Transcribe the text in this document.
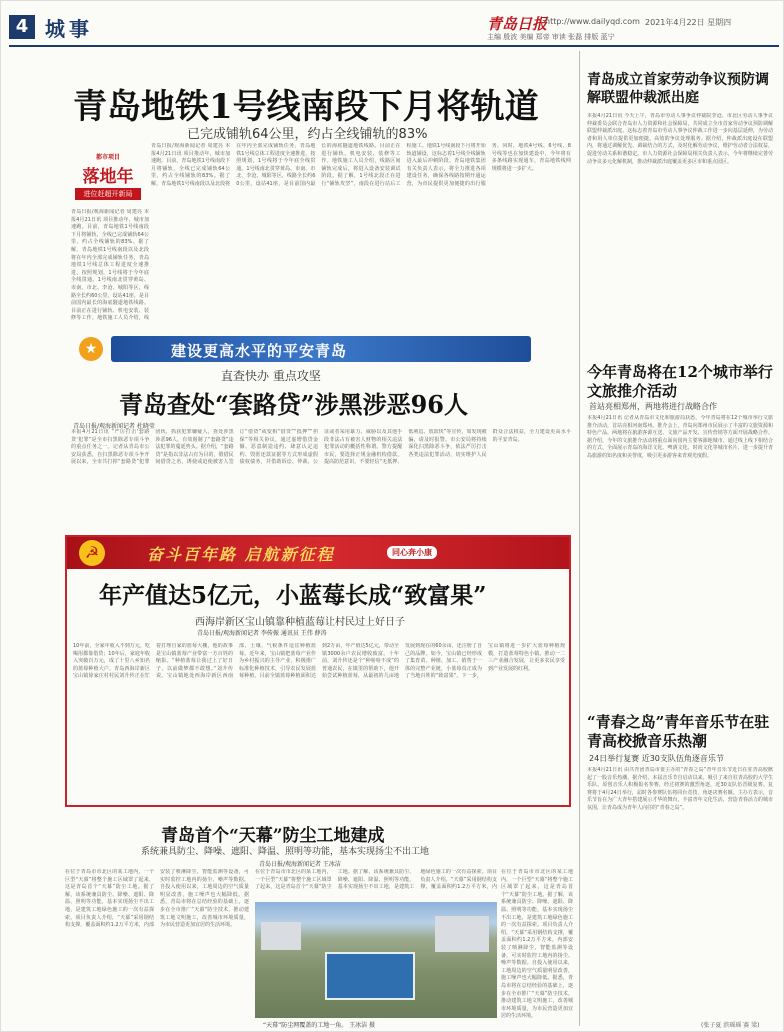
4 城事	青岛日报
http://www.dailyqd.com 2021年4月22日 星期四
主编 殷波 美编 郑帝 审读 张磊 排版 蓝宁
青岛地铁1号线南段下月将轨道
已完成铺轨64公里，约占全线铺轨的83%
都市项目
落地年
进位赶超开新局
青岛日报/观海新闻记者 周建亮 本报4月21日讯 项目推动年，城市加速跑。目前，青岛地铁1号线南段下月将铺轨，全线已完成铺轨64公里，约占全线铺轨的83%。据了解，青岛地铁1号线南段以及北段将在年内全部完成铺轨任务，青岛地铁1号线总体工程进度全速推进，按照规划，1号线将于今年底全线贯通。1号线南北贯穿黄岛、市南、市北、李沧、城阳等区，线路全长约60公里，设站41座，是目前国内最长的海底隧道地铁线路。目前正在进行铺轨、机电安装、装修等工作。地铁施工人员介绍，线
青岛日报/观海新闻记者 周建亮 本报4月21日讯 项目推动年，城市加速跑。目前，青岛地铁1号线南段下月将铺轨，全线已完成铺轨64公里，约占全线铺轨的83%。据了解，青岛地铁1号线南段以及北段将在年内全部完成铺轨任务，青岛地铁1号线总体工程进度全速推进，按照规划，1号线将于今年底全线贯通。1号线南北贯穿黄岛、市南、市北、李沧、城阳等区，线路全长约60公里，设站41座，是目前国内最长的海底隧道地铁线路。目前正在进行铺轨、机电安装、装修等工作。地铁施工人员介绍，线路区间铺轨完成后，将进入设备安装调试阶段。据了解，1号线北段正在进行“铺轨攻坚”，南段在进行站后工程施工。地铁1号线南段下月将开始轨道铺设，这标志着1号线全线铺轨进入最后冲刺阶段。青岛地铁集团有关负责人表示，将全力推进各项建设任务，确保各线路按期开通运营，为市民提供更加便捷的出行服务。同时，地铁4号线、6号线、8号线等也在加快建设中，今年将有多条线路实现通车，青岛地铁线网规模将进一步扩大。
★	建设更高水平的平安青岛
直查快办 重点攻坚
青岛查处“套路贷”涉黑涉恶96人
青岛日报/观海新闻记者 杜晓莹
本报4月21日讯 “严厉打击‘套路贷’犯罪”是全市扫黑除恶专项斗争的重点任务之一。记者从青岛市公安局获悉，自扫黑除恶专项斗争开展以来，全市共打掉“套路贷”犯罪团伙，抓获犯罪嫌疑人，查处涉黑涉恶96人，有效遏制了“套路贷”违法犯罪的蔓延势头。据介绍，“套路贷”是指以非法占有为目的，假借民间借贷之名，诱使或迫使被害人签订“借贷”或变相“借贷”“抵押”“担保”等相关协议，通过虚增借贷金额、恶意制造违约、肆意认定违约、毁匿还款证据等方式形成虚假债权债务，并借助诉讼、仲裁、公证或者采用暴力、威胁以及其他手段非法占有被害人财物的相关违法犯罪活动的概括性称谓。警方提醒市民，要选择正规金融机构借款，提高防范意识，不要轻信“无抵押、低利息、放款快”等宣传，如发现被骗，请及时报警。市公安局将持续深化扫黑除恶斗争，依法严厉打击各类违法犯罪活动，切实维护人民群众合法权益，全力建设更高水平的平安青岛。
☭	奋斗百年路 启航新征程	同心奔小康
年产值达5亿元，小蓝莓长成“致富果”
西海岸新区宝山镇靠种植蓝莓让村民过上好日子
青岛日报/观海新闻记者 李传振 通讯员 王伟 薛涛
10年前，全家年收入不到万元，吃喝用都靠借贷；10年后，家庭年收入突破百万元，成了十里八乡知名的蓝莓种植大户。青岛西海岸新区宝山镇徐家庄村村民刘升传正在忙着打理自家的蓝莓大棚，他的故事是宝山镇蓝莓产业带富一方百姓的缩影。“种植蓝莓让我过上了好日子，以前做梦都不敢想。”刘升传说。宝山镇地处西海岸新区西南部，土壤、气候条件适宜种植蓝莓。近年来，宝山镇把蓝莓产业作为乡村振兴的主导产业，积极推广标准化种植技术，引导农民发展蓝莓种植，目前全镇蓝莓种植面积达到2万亩，年产值达5亿元，带动全镇3000余户农民增收致富。十年前，刘升传还是个“种啥啥不成”的普通农民，在镇里的帮助下，他开始尝试种植蓝莓，从最初的几亩地发展到现在的60余亩，还注册了自己的品牌。如今，宝山镇已经形成了集育苗、种植、加工、销售于一体的完整产业链，小蓝莓真正成为了当地百姓的“致富果”。下一步，宝山镇将进一步扩大蓝莓种植规模，打造蓝莓特色小镇，推动一二三产业融合发展，让更多农民享受到产业发展的红利。
青岛首个“天幕”防尘工地建成
系统兼具防尘、降噪、遮阳、降温、照明等功能，基本实现扬尘不出工地
青岛日报/观海新闻记者 王冰洁
在位于青岛市市北区的某工地内，一个巨型“天幕”将整个施工区域罩了起来，这是青岛首个“天幕”防尘工地。据了解，该系统兼具防尘、降噪、遮阳、降温、照明等功能，基本实现扬尘不出工地，是建筑工地绿色施工的一次有益探索。项目负责人介绍，“天幕”采用钢结构支撑，覆盖面积约1.2万平方米，内部安装了喷淋降尘、智能监测等设备，可实时监控工地内的扬尘、噪声等数据。自投入使用以来，工地周边的空气质量明显改善，施工噪声也大幅降低。据悉，青岛市将在总结经验的基础上，逐步在全市推广“天幕”防尘技术，推动建筑工地文明施工，改善城市环境质量，为市民营造更加宜居的生活环境。
在位于青岛市市北区的某工地内，一个巨型“天幕”将整个施工区域罩了起来，这是青岛首个“天幕”防尘工地。据了解，该系统兼具防尘、降噪、遮阳、降温、照明等功能，基本实现扬尘不出工地，是建筑工地绿色施工的一次有益探索。项目负责人介绍，“天幕”采用钢结构支撑，覆盖面积约1.2万平方米，内
在位于青岛市市北区的某工地内，一个巨型“天幕”将整个施工区域罩了起来，这是青岛首个“天幕”防尘工地。据了解，该系统兼具防尘、降噪、遮阳、降温、照明等功能，基本实现扬尘不出工地，是建筑工地绿色施工的一次有益探索。项目负责人介绍，“天幕”采用钢结构支撑，覆盖面积约1.2万平方米，内部安装了喷淋降尘、智能监测等设备，可实时监控工地内的扬尘、噪声等数据。自投入使用以来，工地周边的空气质量明显改善，施工噪声也大幅降低。据悉，青岛市将在总结经验的基础上，逐步在全市推广“天幕”防尘技术，推动建筑工地文明施工，改善城市环境质量，为市民营造更加宜居的生活环境。
“天幕”防尘网覆盖的工地一角。 王冰洁 摄
青岛成立首家劳动争议预防调解联盟仲裁派出庭
本报4月21日讯 今天上午，青岛市劳动人事争议仲裁院李沧、市北区劳动人事争议仲裁委员会联合青岛市人力资源和社会保障局，共同成立全市首家劳动争议预防调解联盟仲裁派出庭。这标志着青岛市劳动人事争议仲裁工作进一步向基层延伸，为劳动者和用人单位提供更加便捷、高效的争议处理服务。据介绍，仲裁派出庭设在联盟内，将通过调解优先、调裁结合的方式，及时化解劳动争议，维护劳动者合法权益，促进劳动关系和谐稳定。市人力资源社会保障局相关负责人表示，今年将继续完善劳动争议多元化解机制，推动仲裁派出庭覆盖更多区市和重点园区。
今年青岛将在12个城市举行文旅推介活动
首站亮相郑州，两地将进行战略合作
本报4月21日讯 记者从青岛市文化和旅游局获悉，今年青岛将在12个城市举行文旅推介活动，首站亮相河南郑州。推介会上，青岛向郑州市民展示了丰富的文旅资源和特色产品，两地将在旅游客源互送、文旅产品开发、宣传营销等方面开展战略合作。据介绍，今年的文旅推介活动将重点面向国内主要客源地城市，通过线上线下相结合的方式，全面展示青岛的海洋文化、啤酒文化、时尚文化等城市名片，进一步提升青岛旅游的知名度和美誉度，吸引更多游客来青观光度假。
“青春之岛”青年音乐节在驻青高校掀音乐热潮
24日举行复赛 近30支队伍角逐音乐节
本报4月21日讯 由共青团青岛市委主办的“青春之岛”青年音乐节近日在驻青高校掀起了一股音乐热潮。据介绍，本届音乐节自启动以来，吸引了来自驻青高校的大学生乐队、原创音乐人积极报名参赛，经过初赛的激烈角逐，近30支队伍晋级复赛。复赛将于4月24日举行，届时各参赛队伍将同台竞技，角逐决赛名额。主办方表示，音乐节旨在为广大青年搭建展示才华的舞台，丰富青年文化生活，营造青春活力的城市氛围，让青岛成为青年人向往的“青春之岛”。
(张子夏 滨瑶瑶 赛 梁)
